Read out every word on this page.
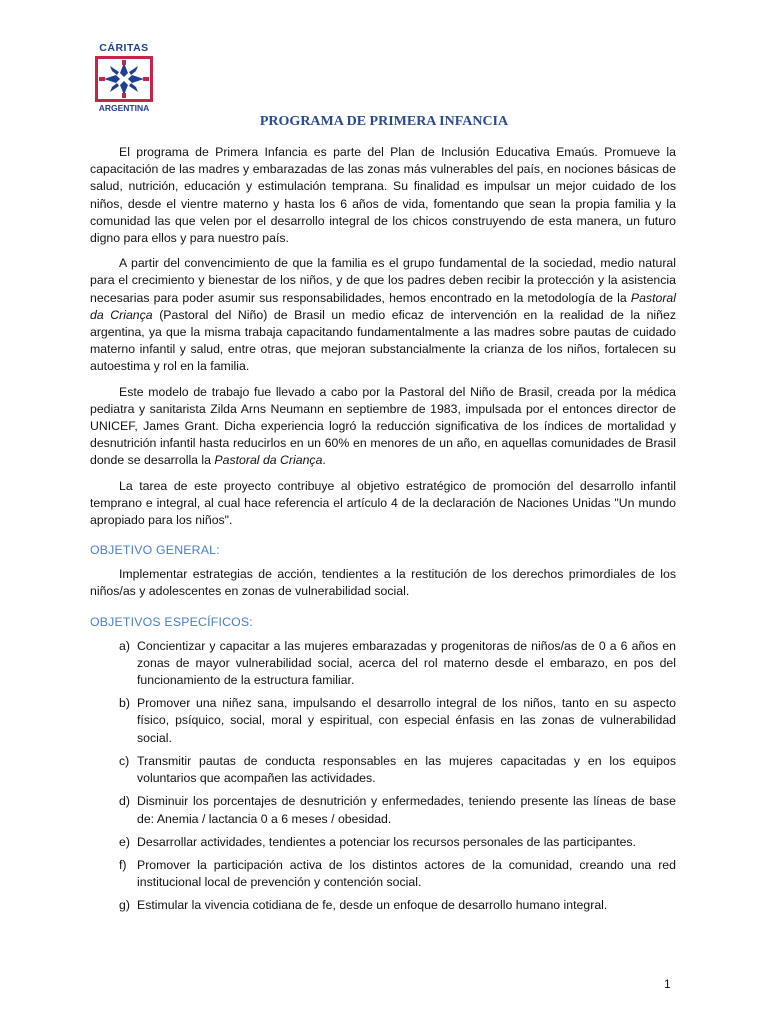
CÁRITAS
ARGENTINA
PROGRAMA DE PRIMERA INFANCIA

El programa de Primera Infancia es parte del Plan de Inclusión Educativa Emaús. Promueve la capacitación de las madres y embarazadas de las zonas más vulnerables del país, en nociones básicas de salud, nutrición, educación y estimulación temprana. Su finalidad es impulsar un mejor cuidado de los niños, desde el vientre materno y hasta los 6 años de vida, fomentando que sean la propia familia y la comunidad las que velen por el desarrollo integral de los chicos construyendo de esta manera, un futuro digno para ellos y para nuestro país.

A partir del convencimiento de que la familia es el grupo fundamental de la sociedad, medio natural para el crecimiento y bienestar de los niños, y de que los padres deben recibir la protección y la asistencia necesarias para poder asumir sus responsabilidades, hemos encontrado en la metodología de la Pastoral da Criança (Pastoral del Niño) de Brasil un medio eficaz de intervención en la realidad de la niñez argentina, ya que la misma trabaja capacitando fundamentalmente a las madres sobre pautas de cuidado materno infantil y salud, entre otras, que mejoran substancialmente la crianza de los niños, fortalecen su autoestima y rol en la familia.

Este modelo de trabajo fue llevado a cabo por la Pastoral del Niño de Brasil, creada por la médica pediatra y sanitarista Zilda Arns Neumann en septiembre de 1983, impulsada por el entonces director de UNICEF, James Grant. Dicha experiencia logró la reducción significativa de los índices de mortalidad y desnutrición infantil hasta reducirlos en un 60% en menores de un año, en aquellas comunidades de Brasil donde se desarrolla la Pastoral da Criança.

La tarea de este proyecto contribuye al objetivo estratégico de promoción del desarrollo infantil temprano e integral, al cual hace referencia el artículo 4 de la declaración de Naciones Unidas "Un mundo apropiado para los niños".

OBJETIVO GENERAL:

Implementar estrategias de acción, tendientes a la restitución de los derechos primordiales de los niños/as y adolescentes en zonas de vulnerabilidad social.

OBJETIVOS ESPECÍFICOS:
a) Concientizar y capacitar a las mujeres embarazadas y progenitoras de niños/as de 0 a 6 años en zonas de mayor vulnerabilidad social, acerca del rol materno desde el embarazo, en pos del funcionamiento de la estructura familiar.
b) Promover una niñez sana, impulsando el desarrollo integral de los niños, tanto en su aspecto físico, psíquico, social, moral y espiritual, con especial énfasis en las zonas de vulnerabilidad social.
c) Transmitir pautas de conducta responsables en las mujeres capacitadas y en los equipos voluntarios que acompañen las actividades.
d) Disminuir los porcentajes de desnutrición y enfermedades, teniendo presente las líneas de base de: Anemia / lactancia 0 a 6 meses / obesidad.
e) Desarrollar actividades, tendientes a potenciar los recursos personales de las participantes.
f) Promover la participación activa de los distintos actores de la comunidad, creando una red institucional local de prevención y contención social.
g) Estimular la vivencia cotidiana de fe, desde un enfoque de desarrollo humano integral.
1
